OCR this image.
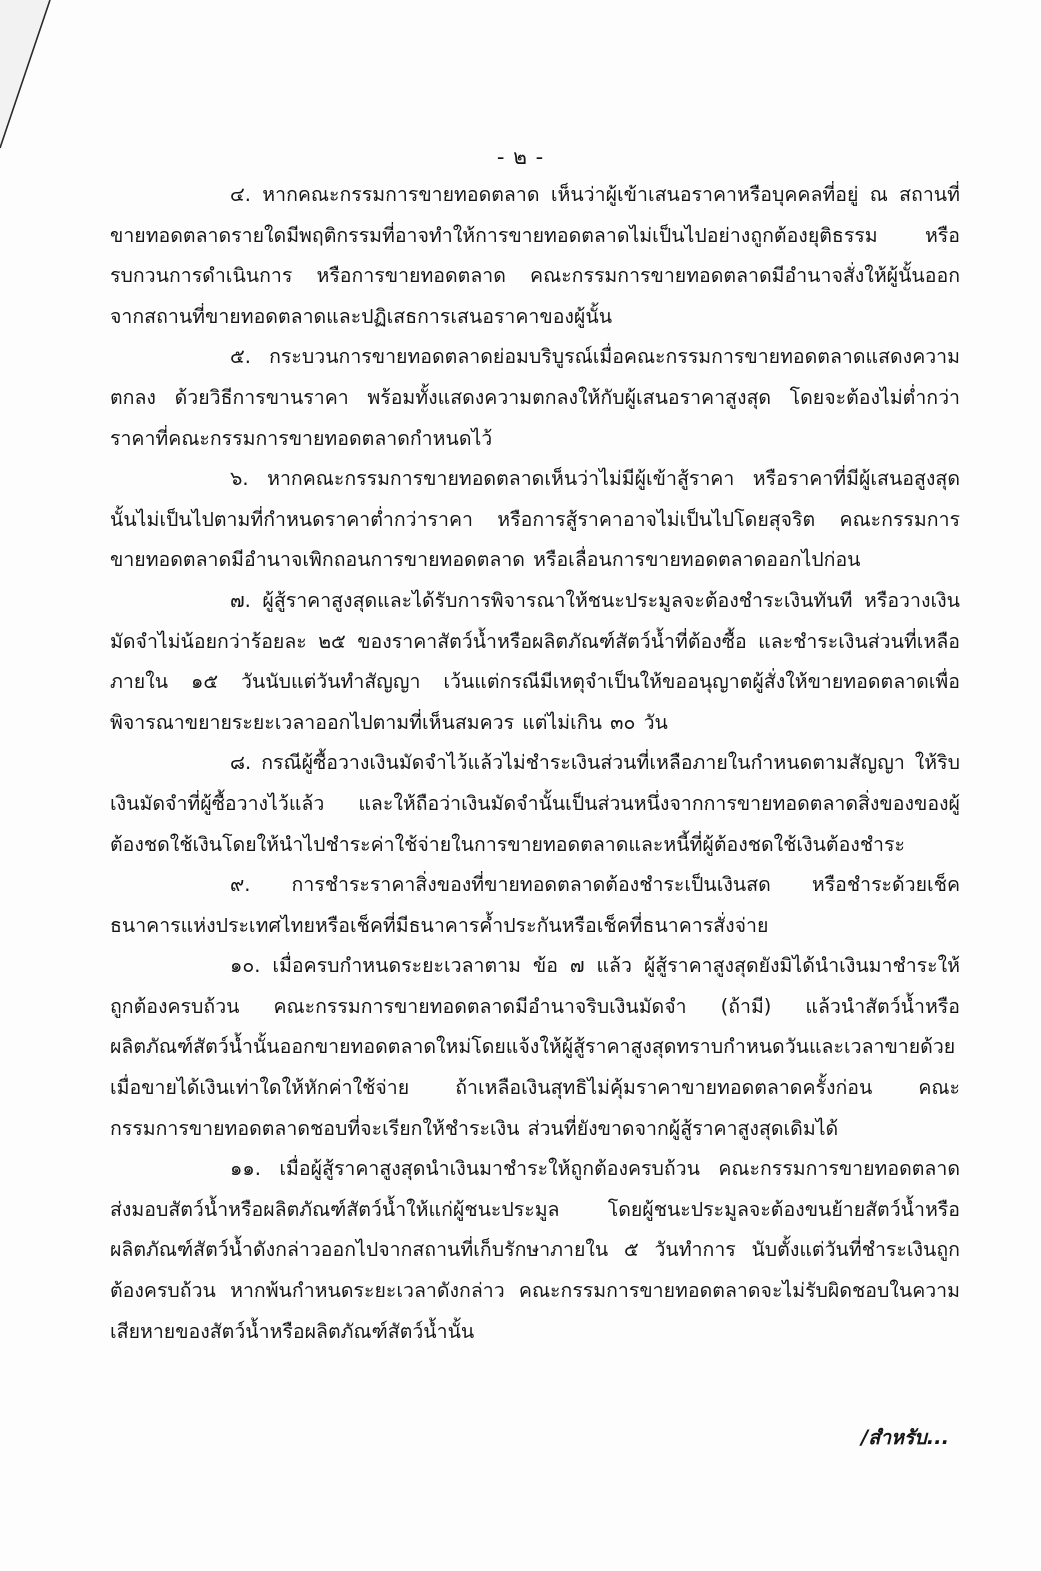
- ๒ -

๔. หากคณะกรรมการขายทอดตลาด เห็นว่าผู้เข้าเสนอราคาหรือบุคคลที่อยู่ ณ สถานที่ขายทอดตลาดรายใดมีพฤติกรรมที่อาจทำให้การขายทอดตลาดไม่เป็นไปอย่างถูกต้องยุติธรรม หรือรบกวนการดำเนินการ หรือการขายทอดตลาด คณะกรรมการขายทอดตลาดมีอำนาจสั่งให้ผู้นั้นออกจากสถานที่ขายทอดตลาดและปฏิเสธการเสนอราคาของผู้นั้น

๕. กระบวนการขายทอดตลาดย่อมบริบูรณ์เมื่อคณะกรรมการขายทอดตลาดแสดงความตกลง ด้วยวิธีการขานราคา พร้อมทั้งแสดงความตกลงให้กับผู้เสนอราคาสูงสุด โดยจะต้องไม่ต่ำกว่าราคาที่คณะกรรมการขายทอดตลาดกำหนดไว้

๖. หากคณะกรรมการขายทอดตลาดเห็นว่าไม่มีผู้เข้าสู้ราคา หรือราคาที่มีผู้เสนอสูงสุดนั้นไม่เป็นไปตามที่กำหนดราคาต่ำกว่าราคา หรือการสู้ราคาอาจไม่เป็นไปโดยสุจริต คณะกรรมการขายทอดตลาดมีอำนาจเพิกถอนการขายทอดตลาด หรือเลื่อนการขายทอดตลาดออกไปก่อน

๗. ผู้สู้ราคาสูงสุดและได้รับการพิจารณาให้ชนะประมูลจะต้องชำระเงินทันที หรือวางเงินมัดจำไม่น้อยกว่าร้อยละ ๒๕ ของราคาสัตว์น้ำหรือผลิตภัณฑ์สัตว์น้ำที่ต้องซื้อ และชำระเงินส่วนที่เหลือภายใน ๑๕ วันนับแต่วันทำสัญญา เว้นแต่กรณีมีเหตุจำเป็นให้ขออนุญาตผู้สั่งให้ขายทอดตลาดเพื่อพิจารณาขยายระยะเวลาออกไปตามที่เห็นสมควร แต่ไม่เกิน ๓๐ วัน

๘. กรณีผู้ซื้อวางเงินมัดจำไว้แล้วไม่ชำระเงินส่วนที่เหลือภายในกำหนดตามสัญญา ให้ริบเงินมัดจำที่ผู้ซื้อวางไว้แล้ว และให้ถือว่าเงินมัดจำนั้นเป็นส่วนหนึ่งจากการขายทอดตลาดสิ่งของของผู้ต้องชดใช้เงินโดยให้นำไปชำระค่าใช้จ่ายในการขายทอดตลาดและหนี้ที่ผู้ต้องชดใช้เงินต้องชำระ

๙. การชำระราคาสิ่งของที่ขายทอดตลาดต้องชำระเป็นเงินสด หรือชำระด้วยเช็คธนาคารแห่งประเทศไทยหรือเช็คที่มีธนาคารค้ำประกันหรือเช็คที่ธนาคารสั่งจ่าย

๑๐. เมื่อครบกำหนดระยะเวลาตาม ข้อ ๗ แล้ว ผู้สู้ราคาสูงสุดยังมิได้นำเงินมาชำระให้ถูกต้องครบถ้วน คณะกรรมการขายทอดตลาดมีอำนาจริบเงินมัดจำ (ถ้ามี) แล้วนำสัตว์น้ำหรือผลิตภัณฑ์สัตว์น้ำนั้นออกขายทอดตลาดใหม่โดยแจ้งให้ผู้สู้ราคาสูงสุดทราบกำหนดวันและเวลาขายด้วย เมื่อขายได้เงินเท่าใดให้หักค่าใช้จ่าย ถ้าเหลือเงินสุทธิไม่คุ้มราคาขายทอดตลาดครั้งก่อน คณะกรรมการขายทอดตลาดชอบที่จะเรียกให้ชำระเงิน ส่วนที่ยังขาดจากผู้สู้ราคาสูงสุดเดิมได้

๑๑. เมื่อผู้สู้ราคาสูงสุดนำเงินมาชำระให้ถูกต้องครบถ้วน คณะกรรมการขายทอดตลาดส่งมอบสัตว์น้ำหรือผลิตภัณฑ์สัตว์น้ำให้แก่ผู้ชนะประมูล โดยผู้ชนะประมูลจะต้องขนย้ายสัตว์น้ำหรือผลิตภัณฑ์สัตว์น้ำดังกล่าวออกไปจากสถานที่เก็บรักษาภายใน ๕ วันทำการ นับตั้งแต่วันที่ชำระเงินถูกต้องครบถ้วน หากพ้นกำหนดระยะเวลาดังกล่าว คณะกรรมการขายทอดตลาดจะไม่รับผิดชอบในความเสียหายของสัตว์น้ำหรือผลิตภัณฑ์สัตว์น้ำนั้น

/สำหรับ...
